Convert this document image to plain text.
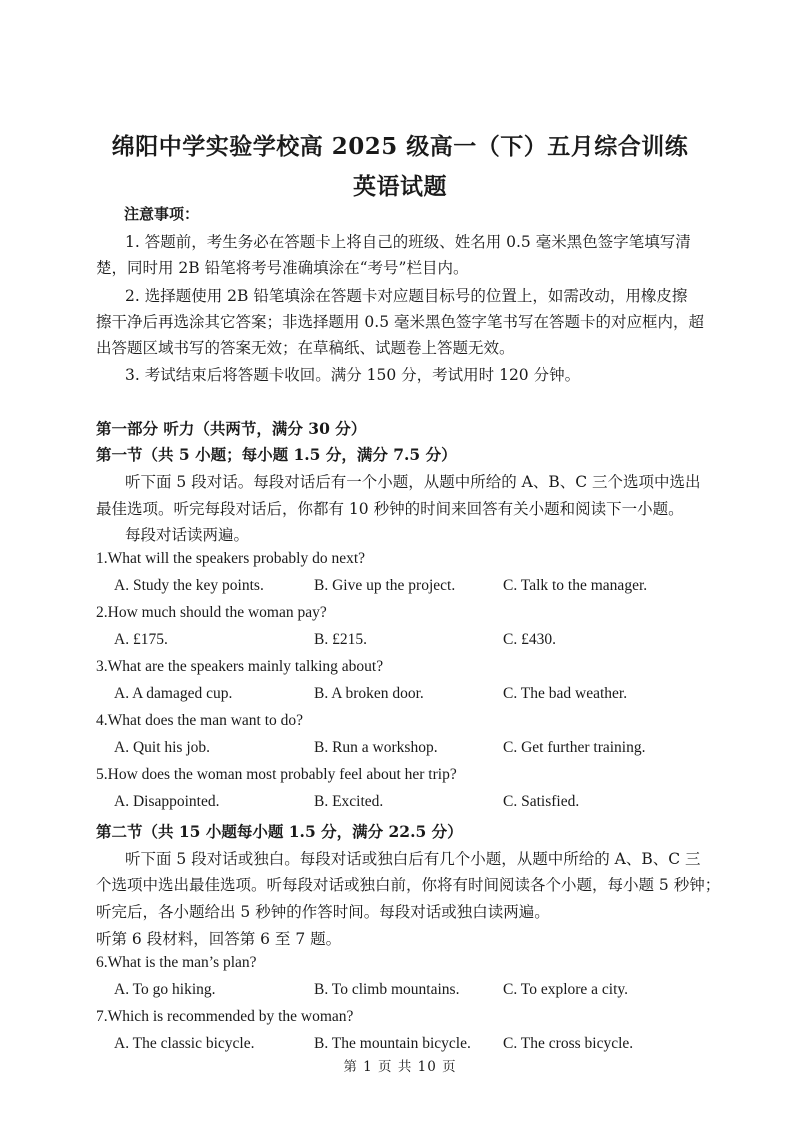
绵阳中学实验学校高 2025 级高一（下）五月综合训练
英语试题
注意事项：
1. 答题前，考生务必在答题卡上将自己的班级、姓名用 0.5 毫米黑色签字笔填写清
楚，同时用 2B 铅笔将考号准确填涂在“考号”栏目内。
2. 选择题使用 2B 铅笔填涂在答题卡对应题目标号的位置上，如需改动，用橡皮擦
擦干净后再选涂其它答案；非选择题用 0.5 毫米黑色签字笔书写在答题卡的对应框内，超
出答题区域书写的答案无效；在草稿纸、试题卷上答题无效。
3. 考试结束后将答题卡收回。满分 150 分，考试用时 120 分钟。
第一部分 听力（共两节，满分 30 分）
第一节（共 5 小题；每小题 1.5 分，满分 7.5 分）
听下面 5 段对话。每段对话后有一个小题，从题中所给的 A、B、C 三个选项中选出
最佳选项。听完每段对话后，你都有 10 秒钟的时间来回答有关小题和阅读下一小题。
每段对话读两遍。
1.What will the speakers probably do next?
A. Study the key points.	B. Give up the project.	C. Talk to the manager.
2.How much should the woman pay?
A. £175.	B. £215.	C. £430.
3.What are the speakers mainly talking about?
A. A damaged cup.	B. A broken door.	C. The bad weather.
4.What does the man want to do?
A. Quit his job.	B. Run a workshop.	C. Get further training.
5.How does the woman most probably feel about her trip?
A. Disappointed.	B. Excited.	C. Satisfied.
第二节（共 15 小题每小题 1.5 分，满分 22.5 分）
听下面 5 段对话或独白。每段对话或独白后有几个小题，从题中所给的 A、B、C 三
个选项中选出最佳选项。听每段对话或独白前，你将有时间阅读各个小题，每小题 5 秒钟；
听完后，各小题给出 5 秒钟的作答时间。每段对话或独白读两遍。
听第 6 段材料，回答第 6 至 7 题。
6.What is the man’s plan?
A. To go hiking.	B. To climb mountains.	C. To explore a city.
7.Which is recommended by the woman?
A. The classic bicycle.	B. The mountain bicycle. C. The cross bicycle.
第 1 页 共 10 页
